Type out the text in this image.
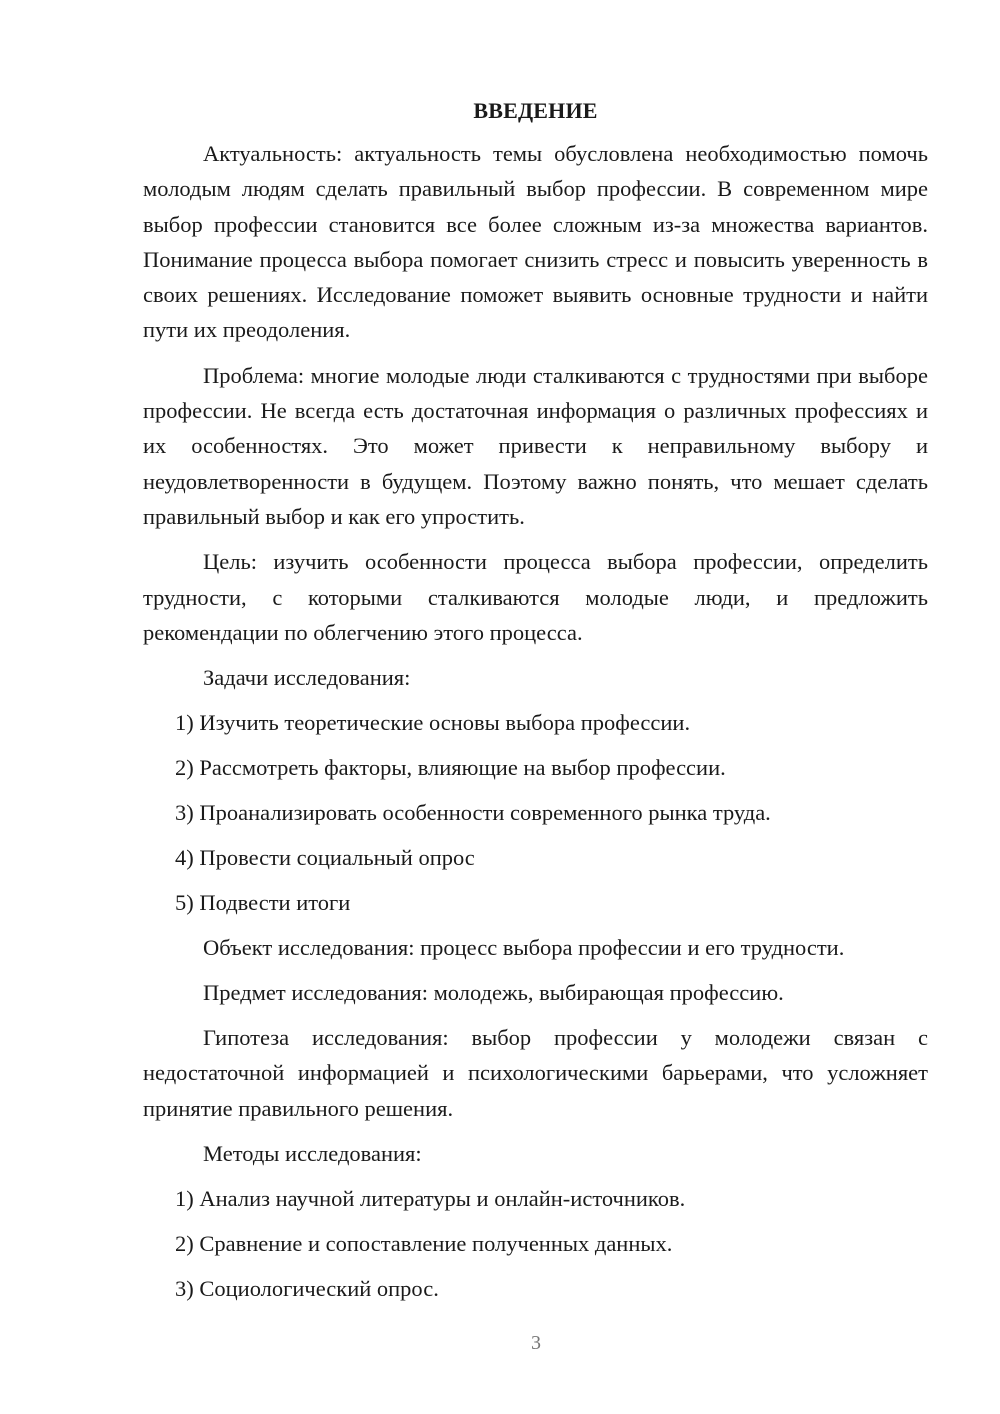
ВВЕДЕНИЕ

Актуальность: актуальность темы обусловлена необходимостью помочь молодым людям сделать правильный выбор профессии. В современном мире выбор профессии становится все более сложным из-за множества вариантов. Понимание процесса выбора помогает снизить стресс и повысить уверенность в своих решениях. Исследование поможет выявить основные трудности и найти пути их преодоления.

Проблема: многие молодые люди сталкиваются с трудностями при выборе профессии. Не всегда есть достаточная информация о различных профессиях и их особенностях. Это может привести к неправильному выбору и неудовлетворенности в будущем. Поэтому важно понять, что мешает сделать правильный выбор и как его упростить.

Цель: изучить особенности процесса выбора профессии, определить трудности, с которыми сталкиваются молодые люди, и предложить рекомендации по облегчению этого процесса.

Задачи исследования:
1) Изучить теоретические основы выбора профессии.
2) Рассмотреть факторы, влияющие на выбор профессии.
3) Проанализировать особенности современного рынка труда.
4) Провести социальный опрос
5) Подвести итоги
Объект исследования: процесс выбора профессии и его трудности.
Предмет исследования: молодежь, выбирающая профессию.

Гипотеза исследования: выбор профессии у молодежи связан с недостаточной информацией и психологическими барьерами, что усложняет принятие правильного решения.

Методы исследования:
1) Анализ научной литературы и онлайн-источников.
2) Сравнение и сопоставление полученных данных.
3) Социологический опрос.
3
